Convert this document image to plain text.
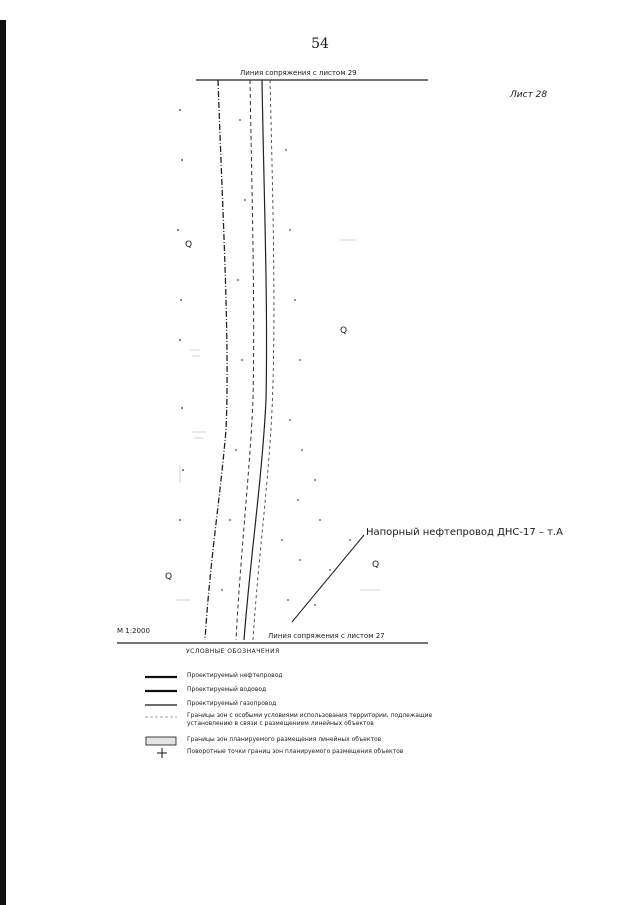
54
Лист 28
Линия сопряжения с листом 29
Линия сопряжения с листом 27
Q
Q
Q
Q
Напорный нефтепровод ДНС-17 – т.А
М 1:2000
УСЛОВНЫЕ ОБОЗНАЧЕНИЯ
Проектируемый нефтепровод
Проектируемый водовод
Проектируемый газопровод
Границы зон с особыми условиями использования территории, подлежащие установлению в связи с размещением линейных объектов
Границы зон планируемого размещения линейных объектов
Поворотные точки границ зон планируемого размещения объектов
